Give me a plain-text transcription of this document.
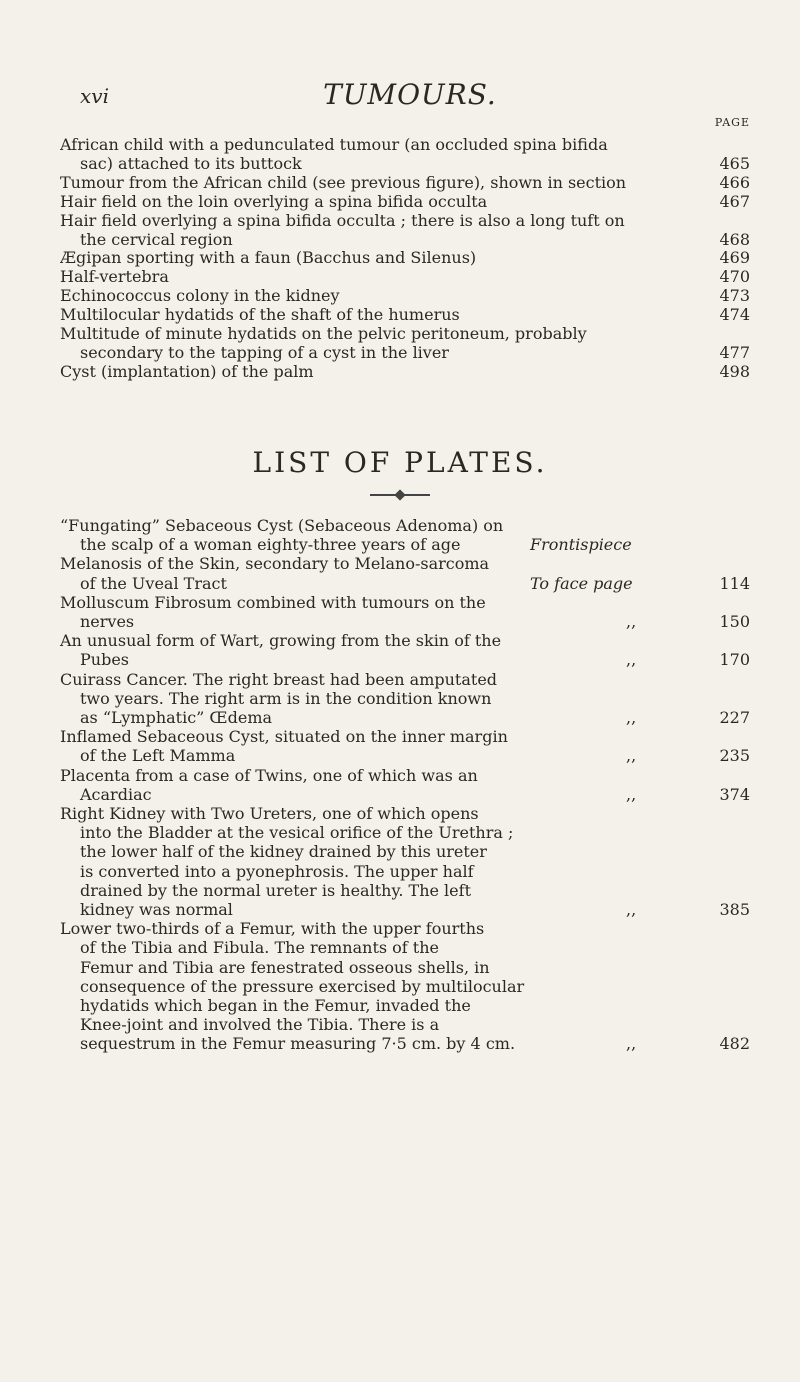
xvi	TUMOURS.
PAGE
African child with a pedunculated tumour (an occluded spina bifida
sac) attached to its buttock	465
Tumour from the African child (see previous figure), shown in section	466
Hair field on the loin overlying a spina bifida occulta	467
Hair field overlying a spina bifida occulta ; there is also a long tuft on
the cervical region	468
Ægipan sporting with a faun (Bacchus and Silenus)	469
Half-vertebra	470
Echinococcus colony in the kidney	473
Multilocular hydatids of the shaft of the humerus	474
Multitude of minute hydatids on the pelvic peritoneum, probably
secondary to the tapping of a cyst in the liver	477
Cyst (implantation) of the palm	498
LIST OF PLATES.
“Fungating” Sebaceous Cyst (Sebaceous Adenoma) on
the scalp of a woman eighty-three years of age	Frontispiece
Melanosis of the Skin, secondary to Melano-sarcoma
of the Uveal Tract	To face page	114
Molluscum Fibrosum combined with tumours on the
nerves	,,	150
An unusual form of Wart, growing from the skin of the
Pubes	,,	170
Cuirass Cancer. The right breast had been amputated
two years. The right arm is in the condition known
as “Lymphatic” Œdema	,,	227
Inflamed Sebaceous Cyst, situated on the inner margin
of the Left Mamma	,,	235
Placenta from a case of Twins, one of which was an
Acardiac	,,	374
Right Kidney with Two Ureters, one of which opens
into the Bladder at the vesical orifice of the Urethra ;
the lower half of the kidney drained by this ureter
is converted into a pyonephrosis. The upper half
drained by the normal ureter is healthy. The left
kidney was normal	,,	385
Lower two-thirds of a Femur, with the upper fourths
of the Tibia and Fibula. The remnants of the
Femur and Tibia are fenestrated osseous shells, in
consequence of the pressure exercised by multilocular
hydatids which began in the Femur, invaded the
Knee-joint and involved the Tibia. There is a
sequestrum in the Femur measuring 7·5 cm. by 4 cm.	,,	482
